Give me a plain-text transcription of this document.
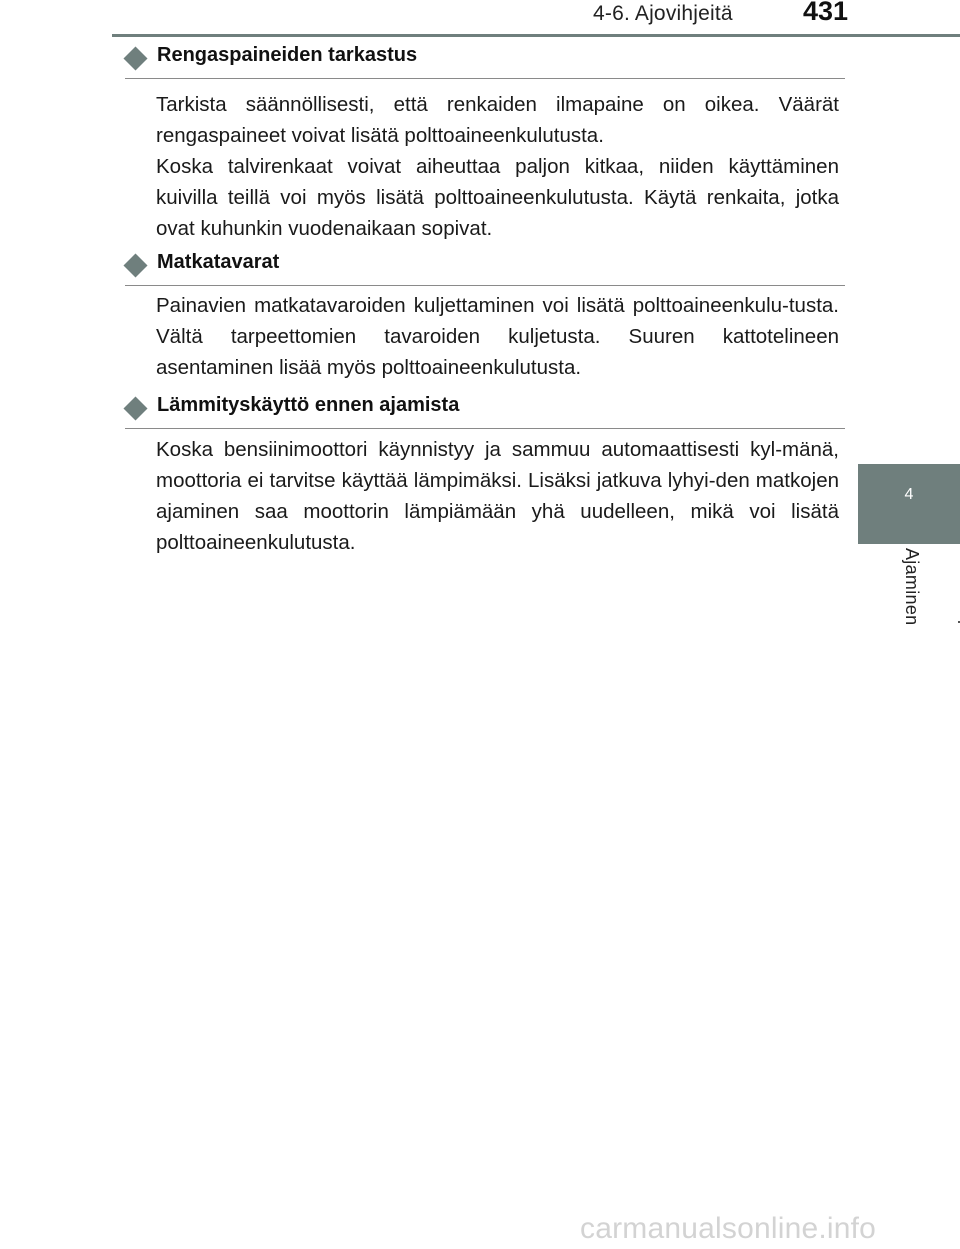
4-6. Ajovihjeitä	431
4
Ajaminen
Rengaspaineiden tarkastus

Tarkista säännöllisesti, että renkaiden ilmapaine on oikea. Väärät rengaspaineet voivat lisätä polttoaineenkulutusta.

Koska talvirenkaat voivat aiheuttaa paljon kitkaa, niiden käyttäminen kuivilla teillä voi myös lisätä polttoaineenkulutusta. Käytä renkaita, jotka ovat kuhunkin vuodenaikaan sopivat.

Matkatavarat

Painavien matkatavaroiden kuljettaminen voi lisätä polttoaineenkulu-tusta. Vältä tarpeettomien tavaroiden kuljetusta. Suuren kattotelineen asentaminen lisää myös polttoaineenkulutusta.

Lämmityskäyttö ennen ajamista

Koska bensiinimoottori käynnistyy ja sammuu automaattisesti kyl-mänä, moottoria ei tarvitse käyttää lämpimäksi. Lisäksi jatkuva lyhyi-den matkojen ajaminen saa moottorin lämpiämään yhä uudelleen, mikä voi lisätä polttoaineenkulutusta.

carmanualsonline.info
